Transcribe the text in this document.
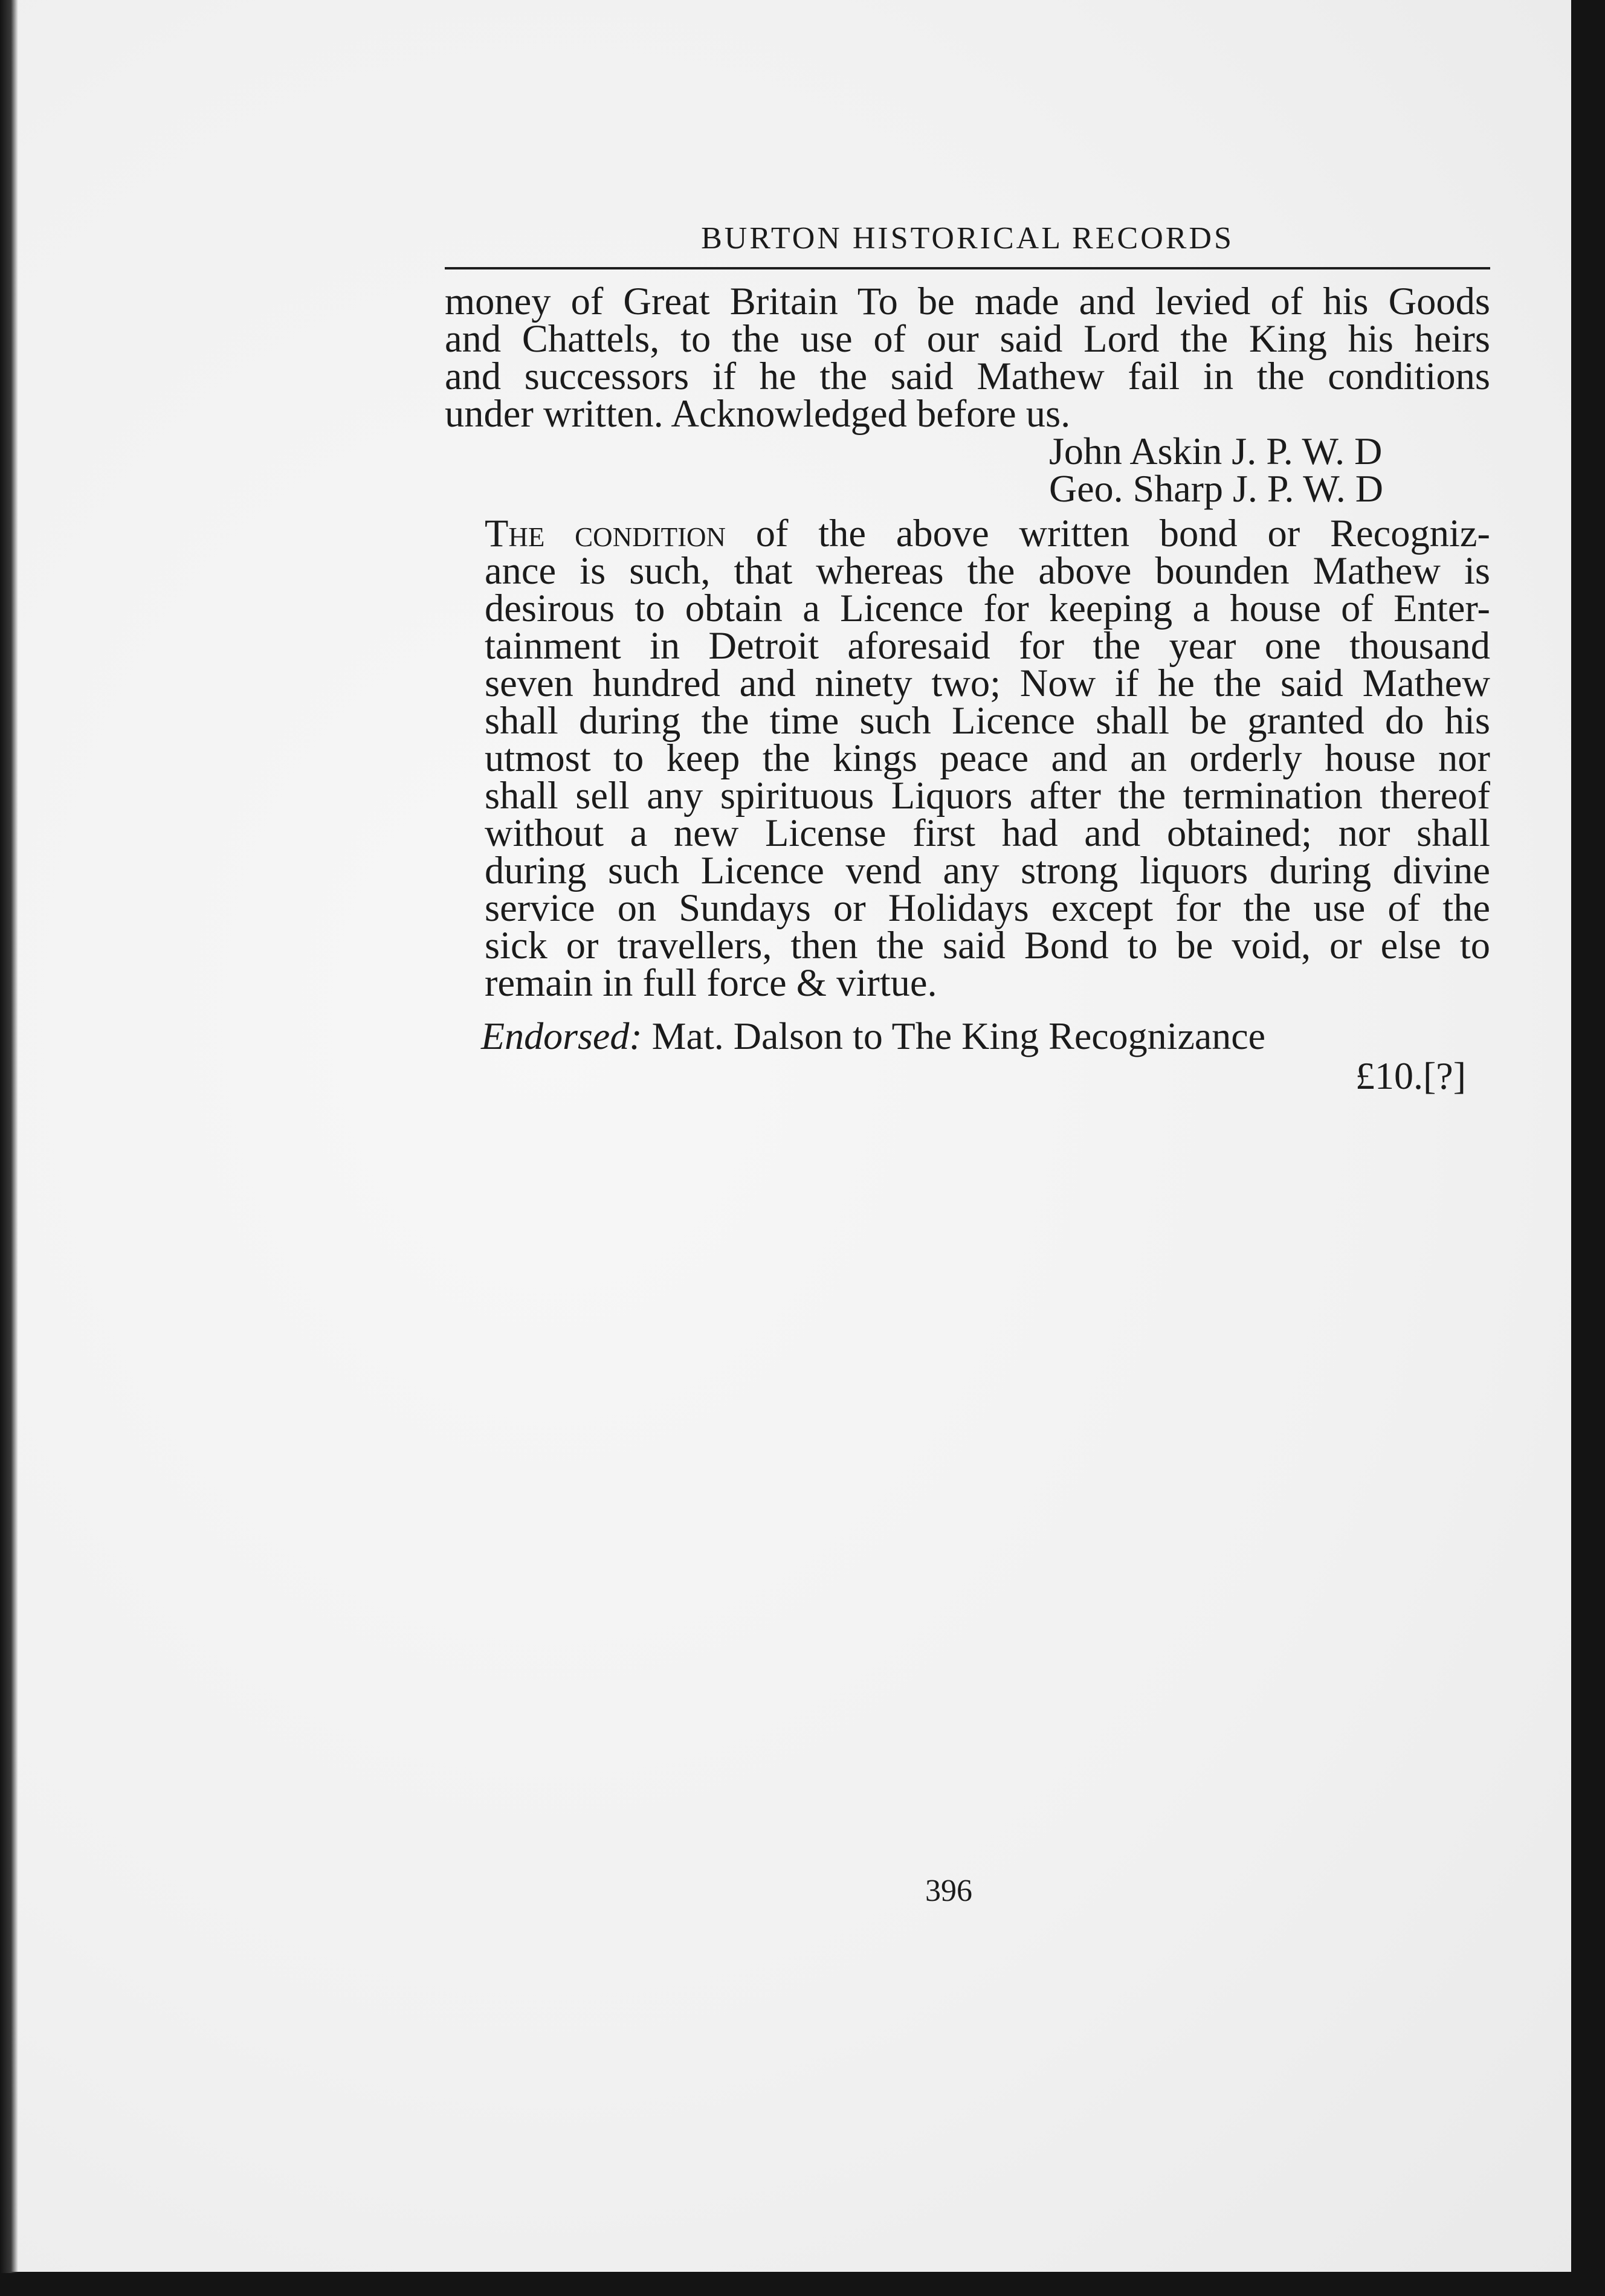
BURTON HISTORICAL RECORDS
money of Great Britain To be made and levied of his Goods
and Chattels, to the use of our said Lord the King his heirs
and successors if he the said Mathew fail in the conditions
under written. Acknowledged before us.
John Askin J. P. W. D
Geo. Sharp J. P. W. D
The condition of the above written bond or Recogniz-
ance is such, that whereas the above bounden Mathew is
desirous to obtain a Licence for keeping a house of Enter-
tainment in Detroit aforesaid for the year one thousand
seven hundred and ninety two; Now if he the said Mathew
shall during the time such Licence shall be granted do his
utmost to keep the kings peace and an orderly house nor
shall sell any spirituous Liquors after the termination thereof
without a new License first had and obtained; nor shall
during such Licence vend any strong liquors during divine
service on Sundays or Holidays except for the use of the
sick or travellers, then the said Bond to be void, or else to
remain in full force & virtue.
Endorsed: Mat. Dalson to The King Recognizance
£10.[?]
396
